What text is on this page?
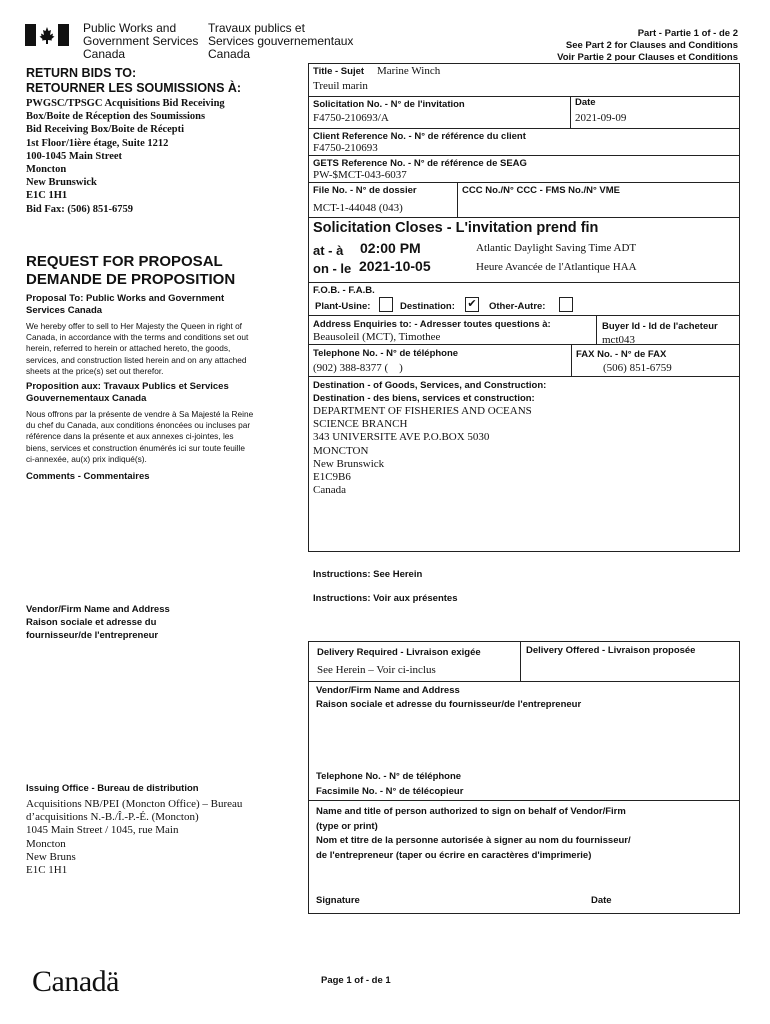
Public Works and
Government Services
Canada
Travaux publics et
Services gouvernementaux
Canada
Part - Partie 1 of - de 2
See Part 2 for Clauses and Conditions
Voir Partie 2 pour Clauses et Conditions
RETURN BIDS TO:
RETOURNER LES SOUMISSIONS À:
PWGSC/TPSGC Acquisitions Bid Receiving
Box/Boite de Réception des Soumissions
Bid Receiving Box/Boite de Récepti
1st Floor/1ière étage, Suite 1212
100-1045 Main Street
Moncton
New Brunswick
E1C 1H1
Bid Fax: (506) 851-6759
REQUEST FOR PROPOSAL
DEMANDE DE PROPOSITION
Proposal To: Public Works and Government Services Canada
We hereby offer to sell to Her Majesty the Queen in right of Canada, in accordance with the terms and conditions set out herein, referred to herein or attached hereto, the goods, services, and construction listed herein and on any attached sheets at the price(s) set out therefor.
Proposition aux: Travaux Publics et Services Gouvernementaux Canada
Nous offrons par la présente de vendre à Sa Majesté la Reine du chef du Canada, aux conditions énoncées ou incluses par référence dans la présente et aux annexes ci-jointes, les biens, services et construction énumérés ici sur toute feuille ci-annexée, au(x) prix indiqué(s).
Comments - Commentaires
Vendor/Firm Name and Address
Raison sociale et adresse du
fournisseur/de l'entrepreneur
Issuing Office - Bureau de distribution
Acquisitions NB/PEI (Moncton Office) – Bureau
d’acquisitions N.-B./Î.-P.-É. (Moncton)
1045 Main Street / 1045, rue Main
Moncton
New Bruns
E1C 1H1
Title - Sujet Marine Winch
Treuil marin
Solicitation No. - N° de l'invitation
F4750-210693/A
Date
2021-09-09
Client Reference No. - N° de référence du client
F4750-210693
GETS Reference No. - N° de référence de SEAG
PW-$MCT-043-6037
File No. - N° de dossier
MCT-1-44048 (043)
CCC No./N° CCC - FMS No./N° VME
Solicitation Closes - L'invitation prend fin
at - à 02:00 PM
on - le 2021-10-05
Atlantic Daylight Saving Time ADT
Heure Avancée de l'Atlantique HAA
F.O.B. - F.A.B.
Plant-Usine:	Destination: ✔ Other-Autre:
Address Enquiries to: - Adresser toutes questions à:
Beausoleil (MCT), Timothee
Buyer Id - Id de l'acheteur
mct043
Telephone No. - N° de téléphone
(902) 388-8377 (    )
FAX No. - N° de FAX
(506) 851-6759
Destination - of Goods, Services, and Construction:
Destination - des biens, services et construction:
DEPARTMENT OF FISHERIES AND OCEANS
SCIENCE BRANCH
343 UNIVERSITE AVE P.O.BOX 5030
MONCTON
New Brunswick
E1C9B6
Canada
Instructions: See Herein
Instructions: Voir aux présentes
Delivery Required - Livraison exigée
See Herein – Voir ci-inclus
Delivery Offered - Livraison proposée
Vendor/Firm Name and Address
Raison sociale et adresse du fournisseur/de l'entrepreneur
Telephone No. - N° de téléphone
Facsimile No. - N° de télécopieur
Name and title of person authorized to sign on behalf of Vendor/Firm
(type or print)
Nom et titre de la personne autorisée à signer au nom du fournisseur/
de l'entrepreneur (taper ou écrire en caractères d'imprimerie)
Signature	Date
Canadä	Page 1 of - de 1
